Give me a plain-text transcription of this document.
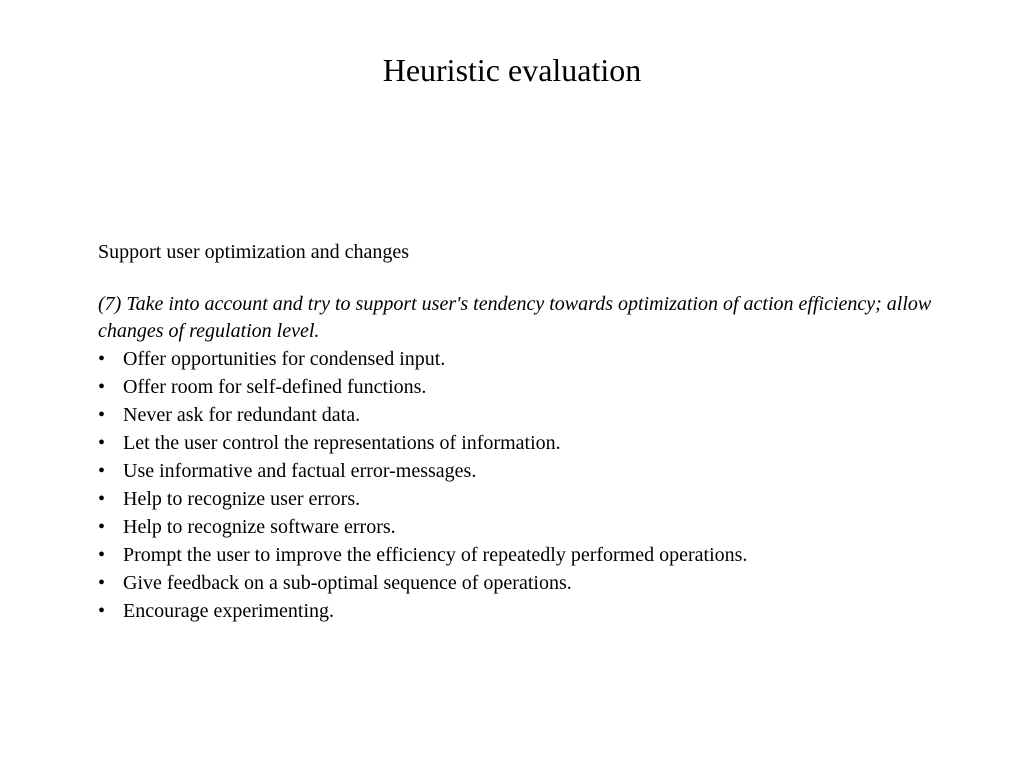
Heuristic evaluation

Support user optimization and changes

(7) Take into account and try to support user's tendency towards optimization of action efficiency; allow changes of regulation level.

• Offer opportunities for condensed input.
• Offer room for self-defined functions.
• Never ask for redundant data.
• Let the user control the representations of information.
• Use informative and factual error-messages.
• Help to recognize user errors.
• Help to recognize software errors.
• Prompt the user to improve the efficiency of repeatedly performed operations.
• Give feedback on a sub-optimal sequence of operations.
• Encourage experimenting.
